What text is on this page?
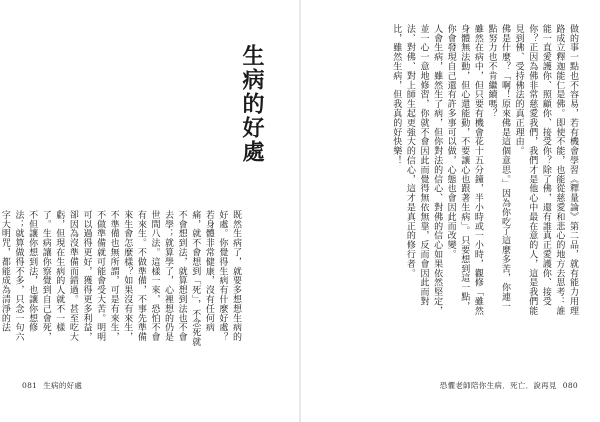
做的事一點也不容易，若有機會學習《釋量論》第二品，就有能力用理路成立釋迦能仁是佛。即使不能，也能從慈愛和悲心的地方去思考：誰能一直愛護你、照顧你、接受你？除了佛，還有誰真正愛護你、接受你？正因為佛非常慈愛我們，我們才是他心中最在意的人，這是我們能見到佛、受持佛法的真正理由。
佛是什麼？「啊！原來佛是這個意思。」因為你吃了這麼多苦，你連一點努力也不肯繼續嗎？
雖然在病中，但只要有機會花十五分鐘，半小時或一小時，觀修「雖然身體無法動，但心還能動，不要讓心也跟著生病」。只要想到這一點，你會發現自己還有許多事可以做，心態也會因此而改變。
人會生病，雖然生了病，但你對法的信心、對佛的信心如果依然堅定，並一心一意地修習，你就不會因此而覺得無依無靠，反而會因此而對法、對佛、對上師生起更強大的信心，這才是真正的修行者。
比，雖然生病，但我真的好快樂！
生病的好處
既然生病了，就要多想想生病的好處。你覺得生病有什麼好處？
若身體非常健康，沒有任何病痛，就不會想到「死」，不念死就不會想到法，就算想到法也不會去學；就算學了，心裡想的仍是世間八法。這樣一來，恐怕不會有來生。不做準備，不事先準備來生會怎麼樣？如果沒有來生，不準備也無所謂，可是有來生，不做準備就可能會受大苦。明明可以過得更好，獲得更多利益，卻因為沒準備而錯過。甚至吃大虧，但現在生病的人就不一樣了。生病讓你察覺到自己會死，不但讓你想到法，也讓你想修法；就算做得不多，只念一句六字大明咒，都能成為清淨的法
081 生病的好處	恐懼老師陪你生病．死亡．說再見 080
